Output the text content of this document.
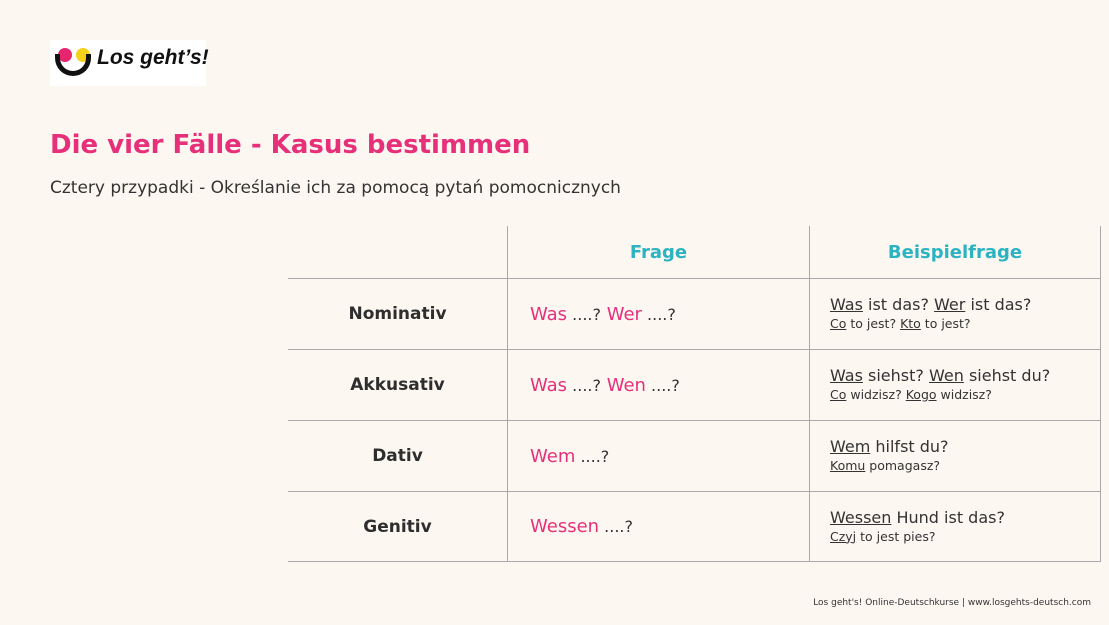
Los geht’s!
Die vier Fälle - Kasus bestimmen

Cztery przypadki - Określanie ich za pomocą pytań pomocnicznych

	Frage	Beispielfrage
Nominativ	Was ....? Wer ....?	Was ist das? Wer ist das?
Co to jest? Kto to jest?

Akkusativ	Was ....? Wen ....?	Was siehst? Wen siehst du?
Co widzisz? Kogo widzisz?

Dativ	Wem ....?	Wem hilfst du?
Komu pomagasz?

Genitiv	Wessen ....?	Wessen Hund ist das?
Czyj to jest pies?
Los geht's! Online-Deutschkurse | www.losgehts-deutsch.com
